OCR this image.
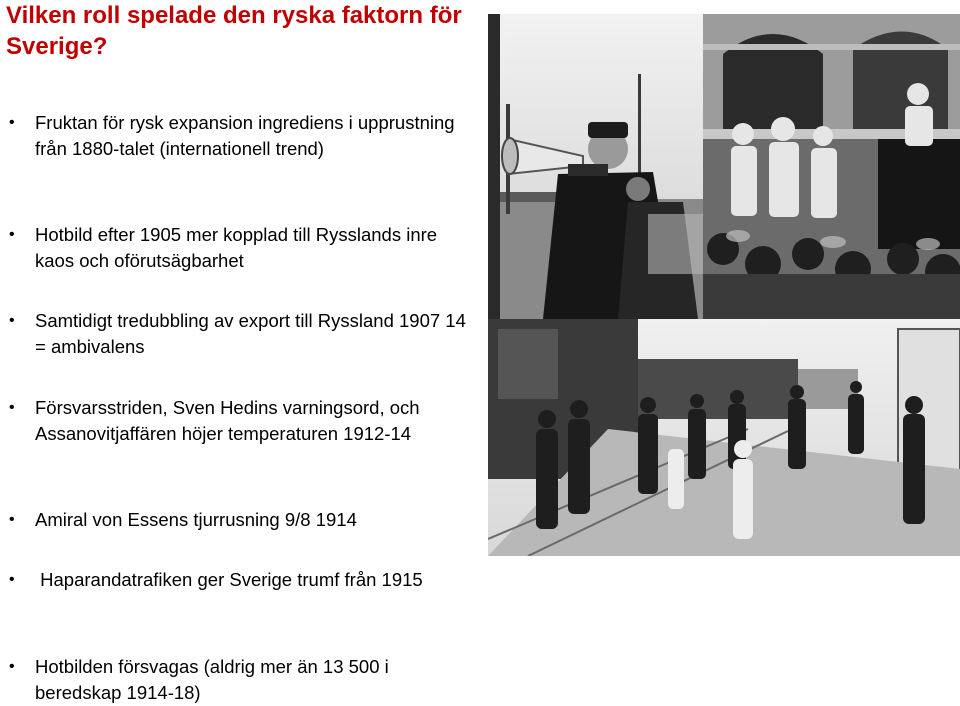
Vilken roll spelade den ryska faktorn för Sverige?
• Fruktan för rysk expansion ingrediens i upprustning från 1880-talet (internationell trend)
• Hotbild efter 1905 mer kopplad till Rysslands inre kaos och oförutsägbarhet
• Samtidigt tredubbling av export till Ryssland 1907 14 = ambivalens
• Försvarsstriden, Sven Hedins varningsord, och Assanovitjaffären höjer temperaturen 1912-14
• Amiral von Essens tjurrusning 9/8 1914
• Haparandatrafiken ger Sverige trumf från 1915
• Hotbilden försvagas (aldrig mer än 13 500 i beredskap 1914-18)
